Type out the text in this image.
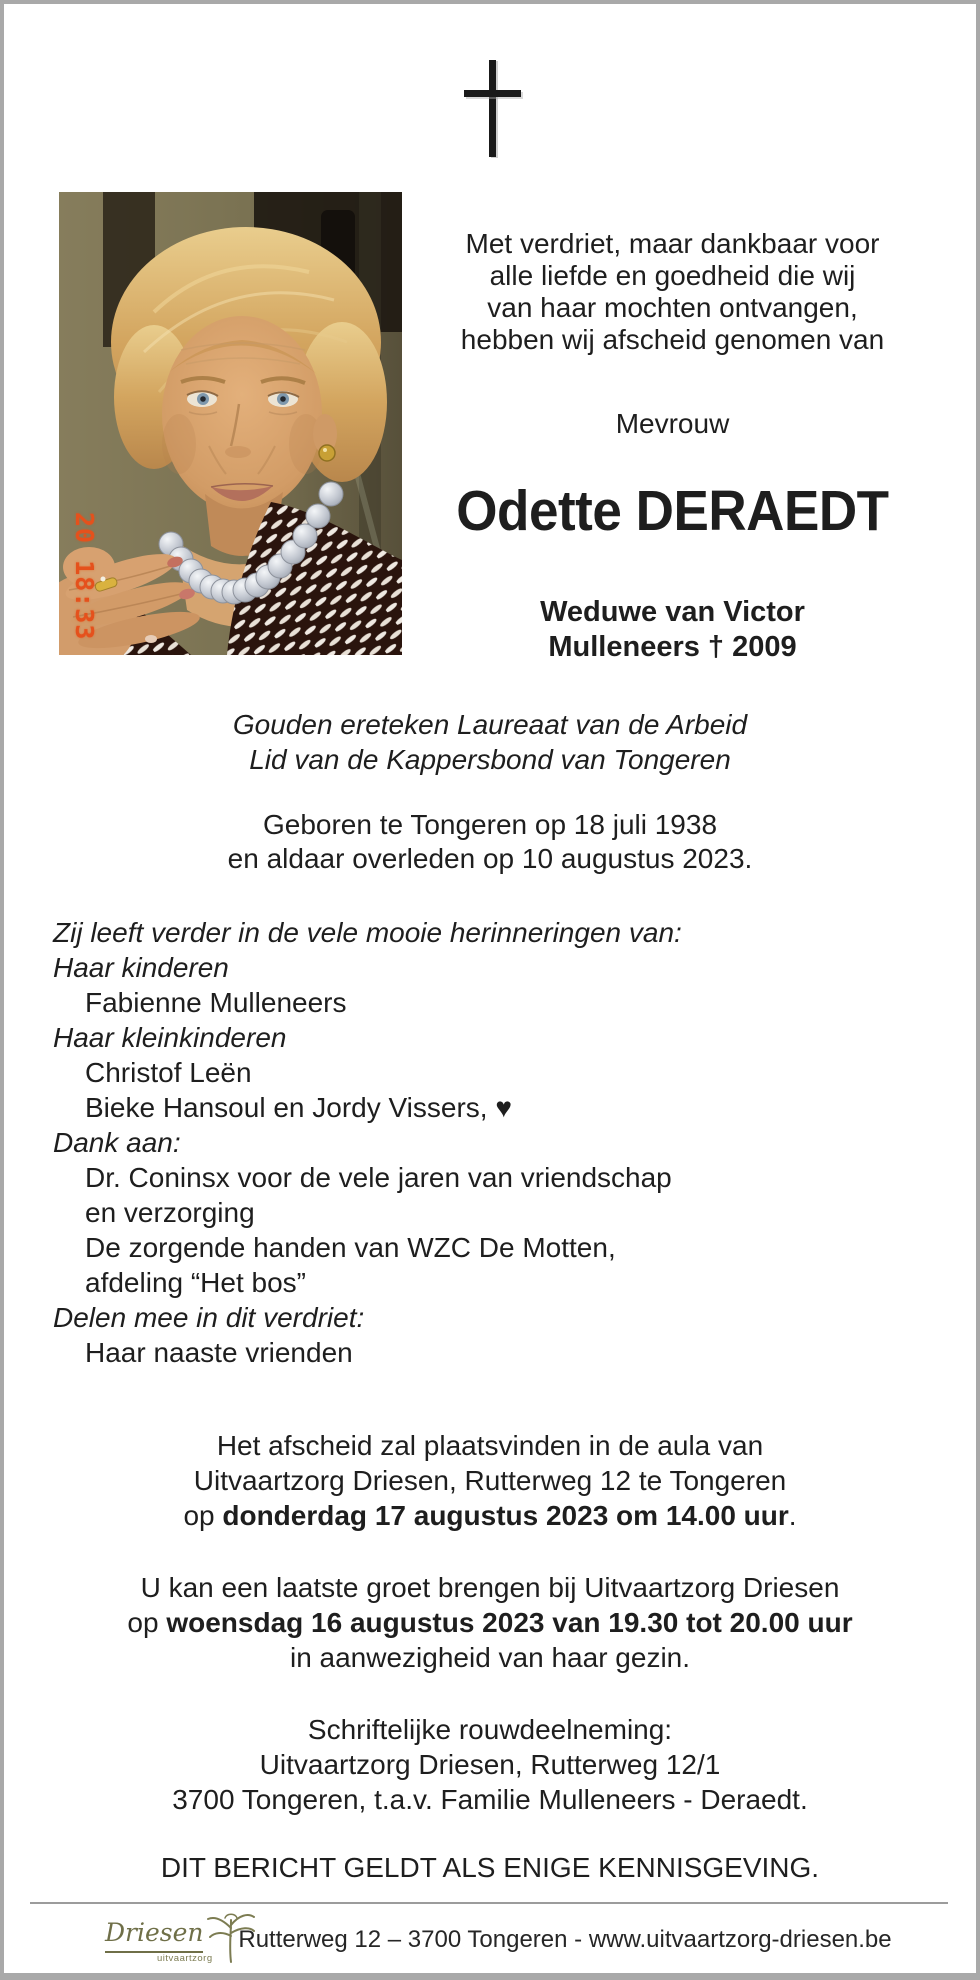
20 18:33
Met verdriet, maar dankbaar voor
alle liefde en goedheid die wij
van haar mochten ontvangen,
hebben wij afscheid genomen van
Mevrouw
Odette DERAEDT
Weduwe van Victor
Mulleneers † 2009
Gouden ereteken Laureaat van de Arbeid
Lid van de Kappersbond van Tongeren
Geboren te Tongeren op 18 juli 1938
en aldaar overleden op 10 augustus 2023.
Zij leeft verder in de vele mooie herinneringen van:
Haar kinderen
Fabienne Mulleneers
Haar kleinkinderen
Christof Leën
Bieke Hansoul en Jordy Vissers, ♥
Dank aan:
Dr. Coninsx voor de vele jaren van vriendschap
en verzorging
De zorgende handen van WZC De Motten,
afdeling “Het bos”
Delen mee in dit verdriet:
Haar naaste vrienden
Het afscheid zal plaatsvinden in de aula van
Uitvaartzorg Driesen, Rutterweg 12 te Tongeren
op donderdag 17 augustus 2023 om 14.00 uur.
U kan een laatste groet brengen bij Uitvaartzorg Driesen
op woensdag 16 augustus 2023 van 19.30 tot 20.00 uur
in aanwezigheid van haar gezin.
Schriftelijke rouwdeelneming:
Uitvaartzorg Driesen, Rutterweg 12/1
3700 Tongeren, t.a.v. Familie Mulleneers - Deraedt.
DIT BERICHT GELDT ALS ENIGE KENNISGEVING.
Driesen
uitvaartzorg
Rutterweg 12 – 3700 Tongeren - www.uitvaartzorg-driesen.be
